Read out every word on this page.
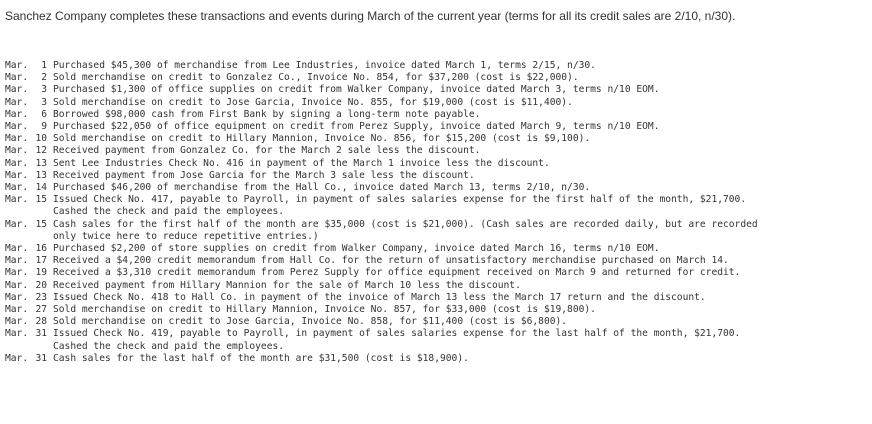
Sanchez Company completes these transactions and events during March of the current year (terms for all its credit sales are 2/10, n/30).
Mar.	1 Purchased $45,300 of merchandise from Lee Industries, invoice dated March 1, terms 2/15, n/30.
Mar.	2 Sold merchandise on credit to Gonzalez Co., Invoice No. 854, for $37,200 (cost is $22,000).
Mar.	3 Purchased $1,300 of office supplies on credit from Walker Company, invoice dated March 3, terms n/10 EOM.
Mar.	3 Sold merchandise on credit to Jose Garcia, Invoice No. 855, for $19,000 (cost is $11,400).
Mar.	6 Borrowed $98,000 cash from First Bank by signing a long-term note payable.
Mar.	9 Purchased $22,050 of office equipment on credit from Perez Supply, invoice dated March 9, terms n/10 EOM.
Mar. 10 Sold merchandise on credit to Hillary Mannion, Invoice No. 856, for $15,200 (cost is $9,100).
Mar. 12 Received payment from Gonzalez Co. for the March 2 sale less the discount.
Mar. 13 Sent Lee Industries Check No. 416 in payment of the March 1 invoice less the discount.
Mar. 13 Received payment from Jose Garcia for the March 3 sale less the discount.
Mar. 14 Purchased $46,200 of merchandise from the Hall Co., invoice dated March 13, terms 2/10, n/30.
Mar. 15 Issued Check No. 417, payable to Payroll, in payment of sales salaries expense for the first half of the month, $21,700.
Cashed the check and paid the employees.
Mar. 15 Cash sales for the first half of the month are $35,000 (cost is $21,000). (Cash sales are recorded daily, but are recorded
only twice here to reduce repetitive entries.)
Mar. 16 Purchased $2,200 of store supplies on credit from Walker Company, invoice dated March 16, terms n/10 EOM.
Mar. 17 Received a $4,200 credit memorandum from Hall Co. for the return of unsatisfactory merchandise purchased on March 14.
Mar. 19 Received a $3,310 credit memorandum from Perez Supply for office equipment received on March 9 and returned for credit.
Mar. 20 Received payment from Hillary Mannion for the sale of March 10 less the discount.
Mar. 23 Issued Check No. 418 to Hall Co. in payment of the invoice of March 13 less the March 17 return and the discount.
Mar. 27 Sold merchandise on credit to Hillary Mannion, Invoice No. 857, for $33,000 (cost is $19,800).
Mar. 28 Sold merchandise on credit to Jose Garcia, Invoice No. 858, for $11,400 (cost is $6,800).
Mar. 31 Issued Check No. 419, payable to Payroll, in payment of sales salaries expense for the last half of the month, $21,700.
Cashed the check and paid the employees.
Mar. 31 Cash sales for the last half of the month are $31,500 (cost is $18,900).
